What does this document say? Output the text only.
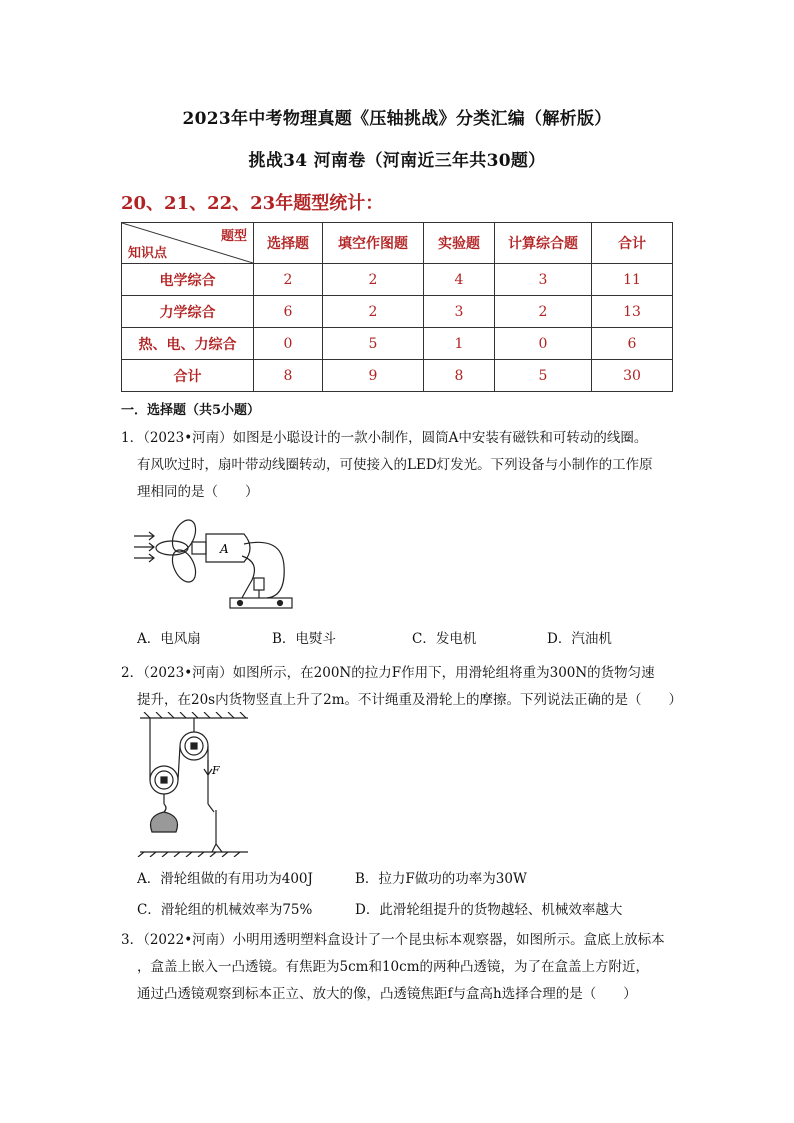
2023年中考物理真题《压轴挑战》分类汇编（解析版）
挑战34 河南卷（河南近三年共30题）
20、21、22、23年题型统计：
题型
知识点	选择题	填空作图题	实验题	计算综合题	合计
电学综合	2	2	4	3	11
力学综合	6	2	3	2	13
热、电、力综合	0	5	1	0	6
合计	8	9	8	5	30
一．选择题（共5小题）
1．（2023•河南）如图是小聪设计的一款小制作，圆筒A中安装有磁铁和可转动的线圈。
有风吹过时，扇叶带动线圈转动，可使接入的LED灯发光。下列设备与小制作的工作原
理相同的是（　　）
A
A．电风扇	B．电熨斗	C．发电机	D．汽油机
2．（2023•河南）如图所示，在200N的拉力F作用下，用滑轮组将重为300N的货物匀速
提升，在20s内货物竖直上升了2m。不计绳重及滑轮上的摩擦。下列说法正确的是（　　）
F
A．滑轮组做的有用功为400J	B．拉力F做功的功率为30W
C．滑轮组的机械效率为75%	D．此滑轮组提升的货物越轻、机械效率越大
3．（2022•河南）小明用透明塑料盒设计了一个昆虫标本观察器，如图所示。盒底上放标本
，盒盖上嵌入一凸透镜。有焦距为5cm和10cm的两种凸透镜，为了在盒盖上方附近，
通过凸透镜观察到标本正立、放大的像，凸透镜焦距f与盒高h选择合理的是（　　）
